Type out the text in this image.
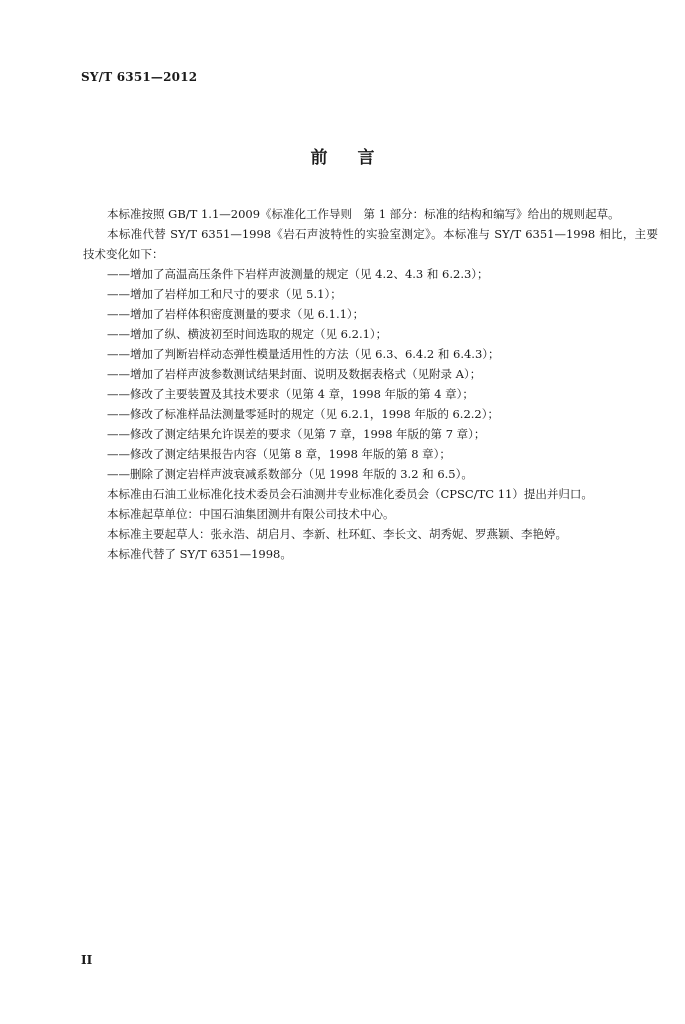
SY/T 6351—2012
前言

本标准按照 GB/T 1.1—2009《标准化工作导则　第 1 部分：标准的结构和编写》给出的规则起草。

本标准代替 SY/T 6351—1998《岩石声波特性的实验室测定》。本标准与 SY/T 6351—1998 相比，主要技术变化如下：

——增加了高温高压条件下岩样声波测量的规定（见 4.2、4.3 和 6.2.3）；

——增加了岩样加工和尺寸的要求（见 5.1）；

——增加了岩样体积密度测量的要求（见 6.1.1）；

——增加了纵、横波初至时间选取的规定（见 6.2.1）；

——增加了判断岩样动态弹性模量适用性的方法（见 6.3、6.4.2 和 6.4.3）；

——增加了岩样声波参数测试结果封面、说明及数据表格式（见附录 A）；

——修改了主要装置及其技术要求（见第 4 章，1998 年版的第 4 章）；

——修改了标准样品法测量零延时的规定（见 6.2.1，1998 年版的 6.2.2）；

——修改了测定结果允许误差的要求（见第 7 章，1998 年版的第 7 章）；

——修改了测定结果报告内容（见第 8 章，1998 年版的第 8 章）；

——删除了测定岩样声波衰减系数部分（见 1998 年版的 3.2 和 6.5）。

本标准由石油工业标准化技术委员会石油测井专业标准化委员会（CPSC/TC 11）提出并归口。

本标准起草单位：中国石油集团测井有限公司技术中心。

本标准主要起草人：张永浩、胡启月、李新、杜环虹、李长文、胡秀妮、罗燕颖、李艳婷。

本标准代替了 SY/T 6351—1998。

II
